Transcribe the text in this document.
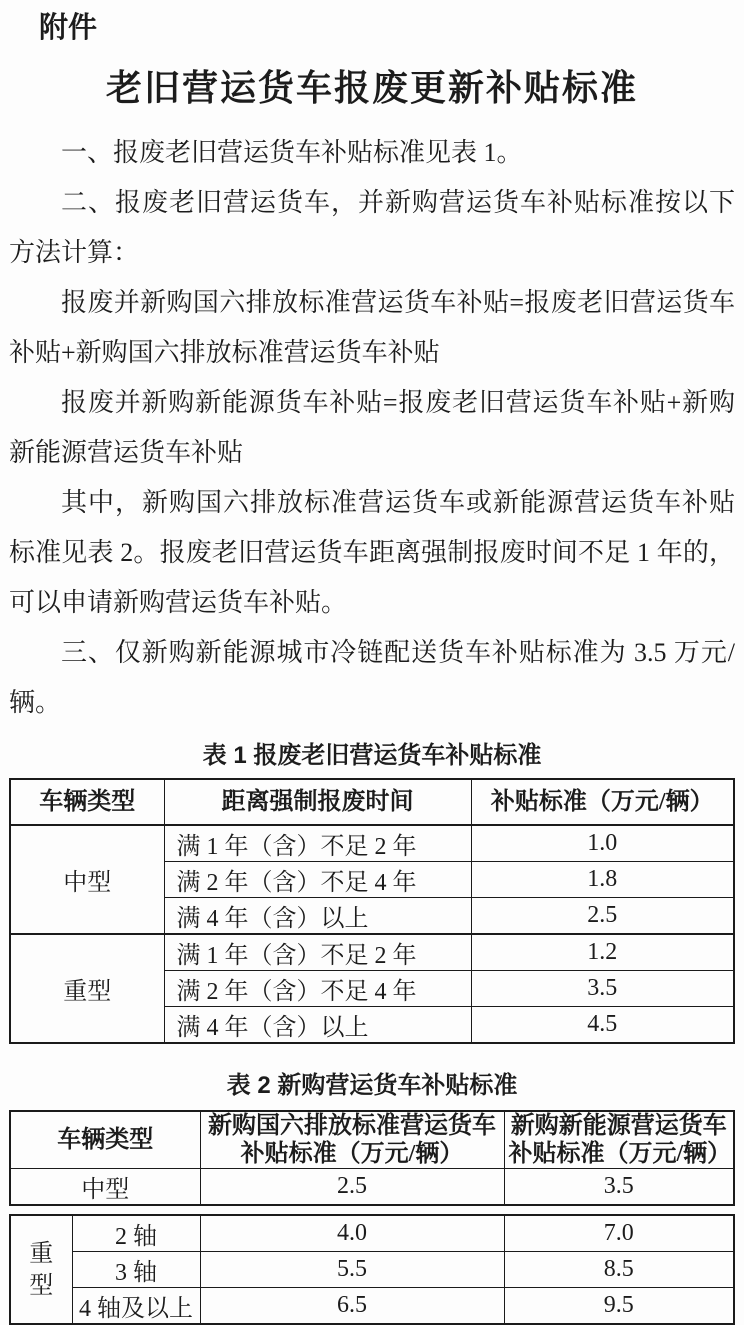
附件
老旧营运货车报废更新补贴标准

一、报废老旧营运货车补贴标准见表 1。

二、报废老旧营运货车，并新购营运货车补贴标准按以下方法计算：

报废并新购国六排放标准营运货车补贴=报废老旧营运货车补贴+新购国六排放标准营运货车补贴

报废并新购新能源货车补贴=报废老旧营运货车补贴+新购新能源营运货车补贴

其中，新购国六排放标准营运货车或新能源营运货车补贴标准见表 2。报废老旧营运货车距离强制报废时间不足 1 年的，可以申请新购营运货车补贴。

三、仅新购新能源城市冷链配送货车补贴标准为 3.5 万元/辆。

表 1 报废老旧营运货车补贴标准
车辆类型	距离强制报废时间	补贴标准（万元/辆）
中型	满 1 年（含）不足 2 年	1.0
	满 2 年（含）不足 4 年	1.8
	满 4 年（含）以上	2.5
重型	满 1 年（含）不足 2 年	1.2
	满 2 年（含）不足 4 年	3.5
	满 4 年（含）以上	4.5
表 2 新购营运货车补贴标准
车辆类型	新购国六排放标准营运货车补贴标准（万元/辆）	新购新能源营运货车补贴标准（万元/辆）
中型	2.5	3.5
重型	2 轴	4.0	7.0
	3 轴	5.5	8.5
	4 轴及以上	6.5	9.5
